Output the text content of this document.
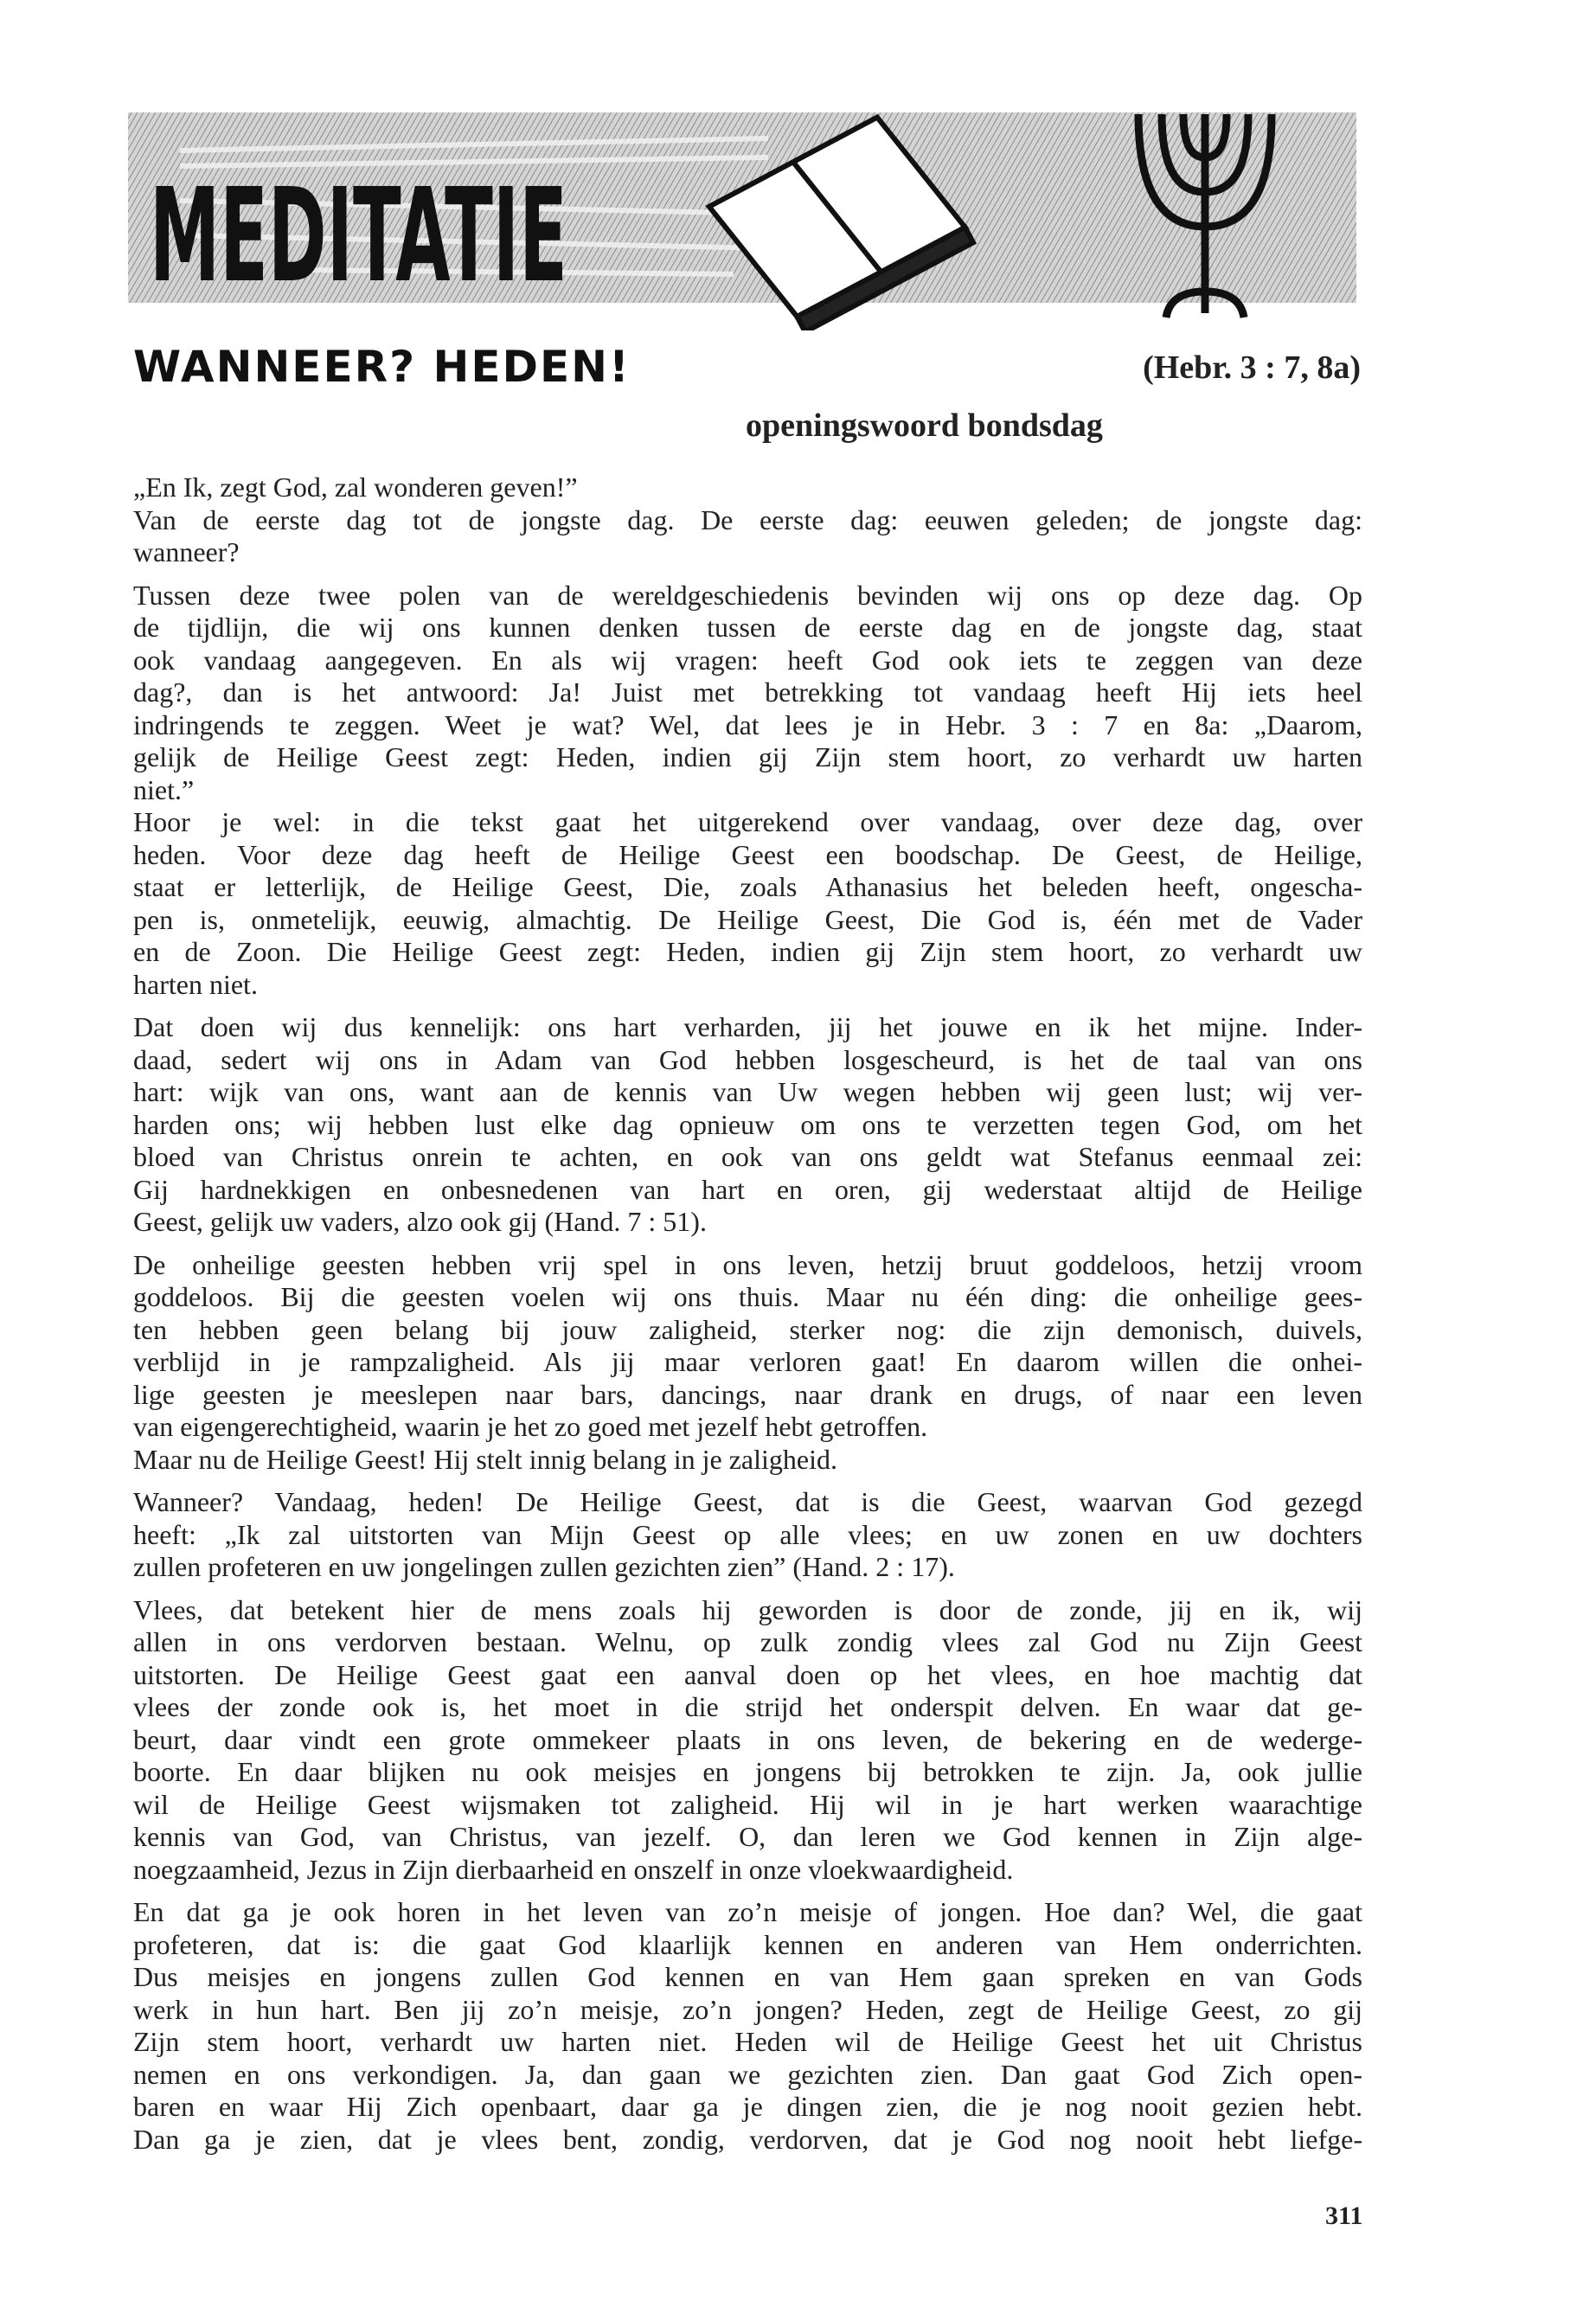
MEDITATIE
WANNEER? HEDEN!	(Hebr. 3 : 7, 8a)
openingswoord bondsdag
„En Ik, zegt God, zal wonderen geven!”
Van de eerste dag tot de jongste dag. De eerste dag: eeuwen geleden; de jongste dag:
wanneer?
Tussen deze twee polen van de wereldgeschiedenis bevinden wij ons op deze dag. Op
de tijdlijn, die wij ons kunnen denken tussen de eerste dag en de jongste dag, staat
ook vandaag aangegeven. En als wij vragen: heeft God ook iets te zeggen van deze
dag?, dan is het antwoord: Ja! Juist met betrekking tot vandaag heeft Hij iets heel
indringends te zeggen. Weet je wat? Wel, dat lees je in Hebr. 3 : 7 en 8a: „Daarom,
gelijk de Heilige Geest zegt: Heden, indien gij Zijn stem hoort, zo verhardt uw harten
niet.”
Hoor je wel: in die tekst gaat het uitgerekend over vandaag, over deze dag, over
heden. Voor deze dag heeft de Heilige Geest een boodschap. De Geest, de Heilige,
staat er letterlijk, de Heilige Geest, Die, zoals Athanasius het beleden heeft, ongescha-
pen is, onmetelijk, eeuwig, almachtig. De Heilige Geest, Die God is, één met de Vader
en de Zoon. Die Heilige Geest zegt: Heden, indien gij Zijn stem hoort, zo verhardt uw
harten niet.
Dat doen wij dus kennelijk: ons hart verharden, jij het jouwe en ik het mijne. Inder-
daad, sedert wij ons in Adam van God hebben losgescheurd, is het de taal van ons
hart: wijk van ons, want aan de kennis van Uw wegen hebben wij geen lust; wij ver-
harden ons; wij hebben lust elke dag opnieuw om ons te verzetten tegen God, om het
bloed van Christus onrein te achten, en ook van ons geldt wat Stefanus eenmaal zei:
Gij hardnekkigen en onbesnedenen van hart en oren, gij wederstaat altijd de Heilige
Geest, gelijk uw vaders, alzo ook gij (Hand. 7 : 51).
De onheilige geesten hebben vrij spel in ons leven, hetzij bruut goddeloos, hetzij vroom
goddeloos. Bij die geesten voelen wij ons thuis. Maar nu één ding: die onheilige gees-
ten hebben geen belang bij jouw zaligheid, sterker nog: die zijn demonisch, duivels,
verblijd in je rampzaligheid. Als jij maar verloren gaat! En daarom willen die onhei-
lige geesten je meeslepen naar bars, dancings, naar drank en drugs, of naar een leven
van eigengerechtigheid, waarin je het zo goed met jezelf hebt getroffen.
Maar nu de Heilige Geest! Hij stelt innig belang in je zaligheid.
Wanneer? Vandaag, heden! De Heilige Geest, dat is die Geest, waarvan God gezegd
heeft: „Ik zal uitstorten van Mijn Geest op alle vlees; en uw zonen en uw dochters
zullen profeteren en uw jongelingen zullen gezichten zien” (Hand. 2 : 17).
Vlees, dat betekent hier de mens zoals hij geworden is door de zonde, jij en ik, wij
allen in ons verdorven bestaan. Welnu, op zulk zondig vlees zal God nu Zijn Geest
uitstorten. De Heilige Geest gaat een aanval doen op het vlees, en hoe machtig dat
vlees der zonde ook is, het moet in die strijd het onderspit delven. En waar dat ge-
beurt, daar vindt een grote ommekeer plaats in ons leven, de bekering en de wederge-
boorte. En daar blijken nu ook meisjes en jongens bij betrokken te zijn. Ja, ook jullie
wil de Heilige Geest wijsmaken tot zaligheid. Hij wil in je hart werken waarachtige
kennis van God, van Christus, van jezelf. O, dan leren we God kennen in Zijn alge-
noegzaamheid, Jezus in Zijn dierbaarheid en onszelf in onze vloekwaardigheid.
En dat ga je ook horen in het leven van zo’n meisje of jongen. Hoe dan? Wel, die gaat
profeteren, dat is: die gaat God klaarlijk kennen en anderen van Hem onderrichten.
Dus meisjes en jongens zullen God kennen en van Hem gaan spreken en van Gods
werk in hun hart. Ben jij zo’n meisje, zo’n jongen? Heden, zegt de Heilige Geest, zo gij
Zijn stem hoort, verhardt uw harten niet. Heden wil de Heilige Geest het uit Christus
nemen en ons verkondigen. Ja, dan gaan we gezichten zien. Dan gaat God Zich open-
baren en waar Hij Zich openbaart, daar ga je dingen zien, die je nog nooit gezien hebt.
Dan ga je zien, dat je vlees bent, zondig, verdorven, dat je God nog nooit hebt liefge-
311
